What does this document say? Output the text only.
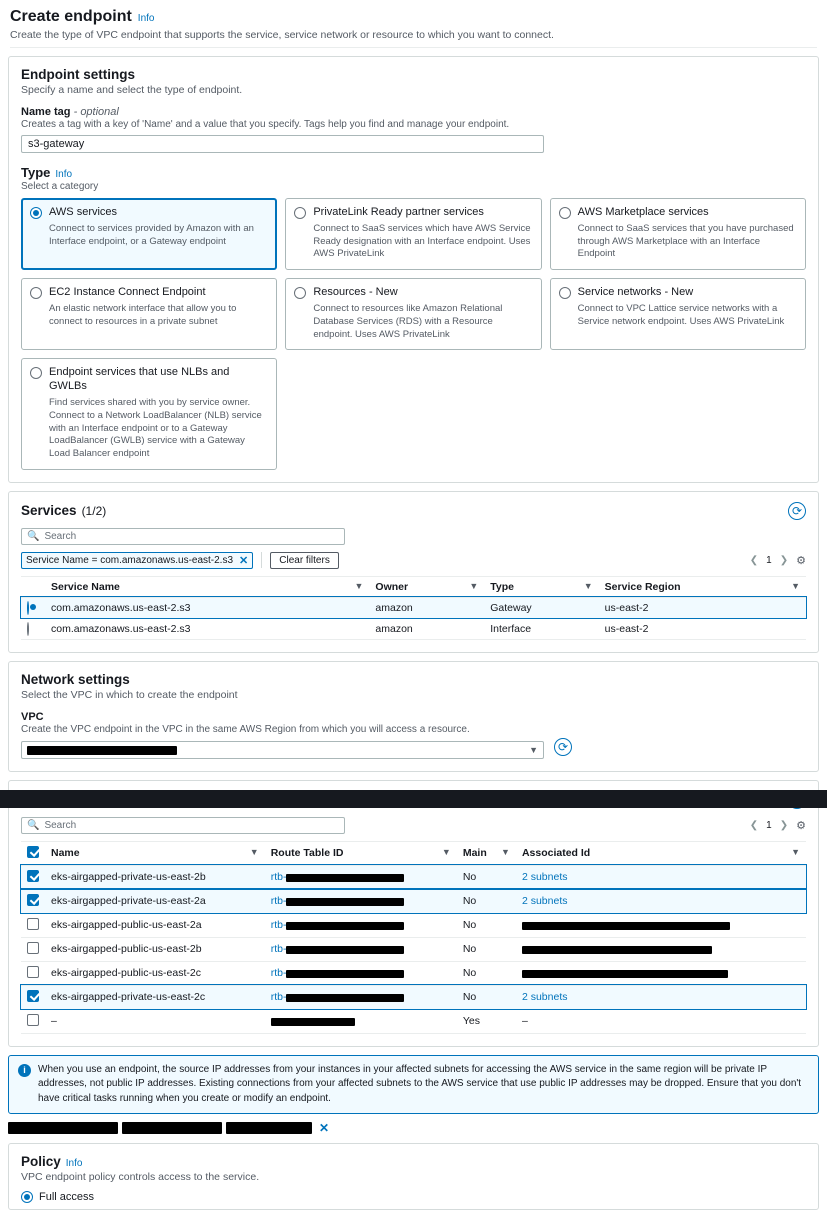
Create endpoint Info
Create the type of VPC endpoint that supports the service, service network or resource to which you want to connect.
Endpoint settings
Specify a name and select the type of endpoint.
Name tag - optional
Creates a tag with a key of 'Name' and a value that you specify. Tags help you find and manage your endpoint.
s3-gateway
Type Info
Select a category
AWS services
Connect to services provided by Amazon with an Interface endpoint, or a Gateway endpoint
PrivateLink Ready partner services
Connect to SaaS services which have AWS Service Ready designation with an Interface endpoint. Uses AWS PrivateLink
AWS Marketplace services
Connect to SaaS services that you have purchased through AWS Marketplace with an Interface Endpoint
EC2 Instance Connect Endpoint
An elastic network interface that allow you to connect to resources in a private subnet
Resources - New
Connect to resources like Amazon Relational Database Services (RDS) with a Resource endpoint. Uses AWS PrivateLink
Service networks - New
Connect to VPC Lattice service networks with a Service network endpoint. Uses AWS PrivateLink
Endpoint services that use NLBs and GWLBs
Find services shared with you by service owner. Connect to a Network LoadBalancer (NLB) service with an Interface endpoint or to a Gateway LoadBalancer (GWLB) service with a Gateway Load Balancer endpoint
Services (1/2)	⟳
🔍 Search
Service Name = com.amazonaws.us-east-2.s3 ✕	Clear filters	❮ 1 ❯ ⚙
	Service Name ▼	Owner ▼	Type ▼	Service Region ▼

	com.amazonaws.us-east-2.s3	amazon	Gateway	us-east-2
	com.amazonaws.us-east-2.s3	amazon	Interface	us-east-2
Network settings
Select the VPC in which to create the endpoint
VPC
Create the VPC endpoint in the VPC in the same AWS Region from which you will access a resource.
▼	⟳
🔍 Search	❮ 1 ❯ ⚙
	Name ▼	Route Table ID ▼	Main ▼	Associated Id ▼

	eks-airgapped-private-us-east-2b	rtb-	No	2 subnets
	eks-airgapped-private-us-east-2a	rtb-	No	2 subnets
	eks-airgapped-public-us-east-2a	rtb-	No	
	eks-airgapped-public-us-east-2b	rtb-	No	
	eks-airgapped-public-us-east-2c	rtb-	No	
	eks-airgapped-private-us-east-2c	rtb-	No	2 subnets
	–		Yes	–
i	When you use an endpoint, the source IP addresses from your instances in your affected subnets for accessing the AWS service in the same region will be private IP addresses, not public IP addresses. Existing connections from your affected subnets to the AWS service that use public IP addresses may be dropped. Ensure that you don't have critical tasks running when you create or modify an endpoint.
✕
Policy Info
VPC endpoint policy controls access to the service.
Full access
